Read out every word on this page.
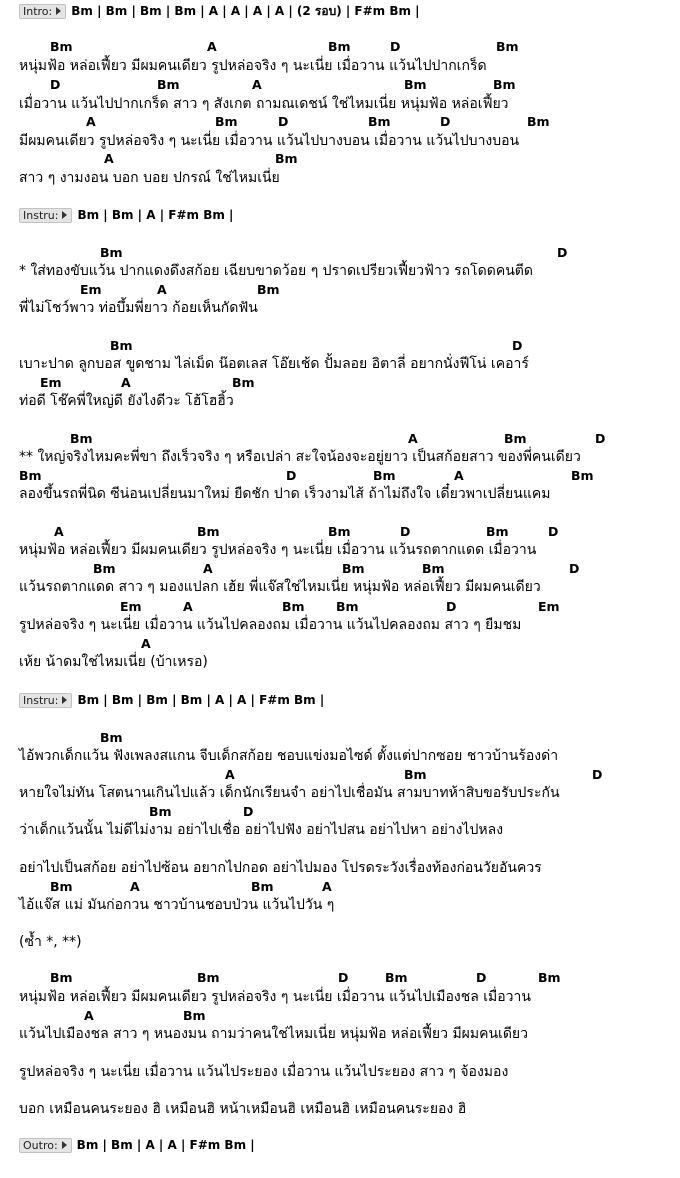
Intro: Bm | Bm | Bm | Bm | A | A | A | A | (2 รอบ) | F#m Bm |
Instru: Bm | Bm | A | F#m Bm |
Instru: Bm | Bm | Bm | Bm | A | A | F#m Bm |
Outro: Bm | Bm | A | A | F#m Bm |
Bm	A	Bm	D	Bm
D	Bm	A	Bm	Bm
A	Bm	D	Bm	D	Bm
A	Bm
Bm	D
Em	A	Bm
Bm	D
Em	A	Bm
Bm	A	Bm	D
Bm	D	Bm	A	Bm
A	Bm	Bm	D	Bm	D
Bm	A	Bm	Bm	D
Em	A	Bm	Bm	D	Em
A
Bm
A	Bm	D
Bm	D
Bm	A	Bm	A
Bm	Bm	D	Bm	D	Bm
A	Bm
หนุ่มฟ้อ หล่อเฟี้ยว มีผมคนเดียว รูปหล่อจริง ๆ นะเนี่ย เมื่อวาน แว้นไปปากเกร็ด
เมื่อวาน แว้นไปปากเกร็ด สาว ๆ สังเกต ถามณเดชน์ ใช่ไหมเนี่ย หนุ่มฟ้อ หล่อเฟี้ยว
มีผมคนเดียว รูปหล่อจริง ๆ นะเนี่ย เมื่อวาน แว้นไปบางบอน เมื่อวาน แว้นไปบางบอน
สาว ๆ งามงอน บอก บอย ปกรณ์ ใช่ไหมเนี่ย
* ใส่ทองขับแว้น ปากแดงดึงสก้อย เฉียบขาดว้อย ๆ ปราดเปรียวเฟี้ยวฟ้าว รถโดดคนตีด
พี่ไม่โชว์พาว ท่อบึ้มพี่ยาว ก้อยเห็นกัดฟัน
เบาะปาด ลูกบอส ขูดชาม ไล่เม็ด น๊อตเลส โอ๊ยเช้ด ปั้มลอย อิตาลี่ อยากนั่งฟีโน่ เคอาร์
ท่อดี โช๊คพี่ใหญ่ดี ยังไงดีวะ โฮ้โฮฮิ้ว
** ใหญ่จริงไหมคะพี่ขา ถึงเร็วจริง ๆ หรือเปล่า สะใจน้องจะอยู่ยาว เป็นสก้อยสาว ของพี่คนเดียว
ลองขึ้นรถพี่นิด ซีน่อนเปลี่ยนมาใหม่ ยืดชัก ปาด เร็วงามไส้ ถ้าไม่ถึงใจ เดี๋ยวพาเปลี่ยนแคม
หนุ่มฟ้อ หล่อเฟี้ยว มีผมคนเดียว รูปหล่อจริง ๆ นะเนี่ย เมื่อวาน แว้นรถตากแดด เมื่อวาน
แว้นรถตากแดด สาว ๆ มองแปลก เฮ้ย พี่แจ๊สใช่ไหมเนี่ย หนุ่มฟ้อ หล่อเฟี้ยว มีผมคนเดียว
รูปหล่อจริง ๆ นะเนี่ย เมื่อวาน แว้นไปคลองถม เมื่อวาน แว้นไปคลองถม สาว ๆ ยืมชม
เห้ย น้าดมใช่ไหมเนี่ย (บ้าเหรอ)
ไอ้พวกเด็กแว้น ฟังเพลงสแกน จีบเด็กสก้อย ชอบแข่งมอไซด์ ตั้งแต่ปากซอย ชาวบ้านร้องด่า
หายใจไม่ทัน โสตนานเกินไปแล้ว เด็กนักเรียนจำ อย่าไปเชื่อมัน สามบาทห้าสิบขอรับประกัน
ว่าเด็กแว้นนั้น ไม่ดีไม่งาม อย่าไปเชื่อ อย่าไปฟัง อย่าไปสน อย่าไปหา อย่างไปหลง
อย่าไปเป็นสก้อย อย่าไปซ้อน อยากไปกอด อย่าไปมอง โปรดระวังเรื่องท้องก่อนวัยอันควร
ไอ้แจ๊ส แม่ มันก่อกวน ชาวบ้านชอบป่วน แว้นไปวัน ๆ
(ซ้ำ *, **)
หนุ่มฟ้อ หล่อเฟี้ยว มีผมคนเดียว รูปหล่อจริง ๆ นะเนี่ย เมื่อวาน แว้นไปเมืองชล เมื่อวาน
แว้นไปเมืองชล สาว ๆ หนองมน ถามว่าคนใช่ไหมเนี่ย หนุ่มฟ้อ หล่อเฟี้ยว มีผมคนเดียว
รูปหล่อจริง ๆ นะเนี่ย เมื่อวาน แว้นไประยอง เมื่อวาน แว้นไประยอง สาว ๆ จ้องมอง
บอก เหมือนคนระยอง ฮิ เหมือนฮิ หน้าเหมือนฮิ เหมือนฮิ เหมือนคนระยอง ฮิ
